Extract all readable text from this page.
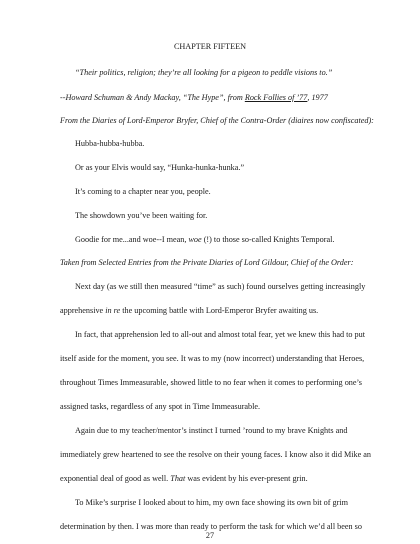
CHAPTER FIFTEEN
“Their politics, religion; they’re all looking for a pigeon to peddle visions to.”
--Howard Schuman & Andy Mackay, “The Hype”, from Rock Follies of ’77, 1977
From the Diaries of Lord-Emperor Bryfer, Chief of the Contra-Order (diaires now confiscated):
Hubba-hubba-hubba.
Or as your Elvis would say, “Hunka-hunka-hunka.”
It’s coming to a chapter near you, people.
The showdown you’ve been waiting for.
Goodie for me...and woe--I mean, woe (!) to those so-called Knights Temporal.
Taken from Selected Entries from the Private Diaries of Lord Gildour, Chief of the Order:
Next day (as we still then measured “time” as such) found ourselves getting increasingly
apprehensive in re the upcoming battle with Lord-Emperor Bryfer awaiting us.
In fact, that apprehension led to all-out and almost total fear, yet we knew this had to put
itself aside for the moment, you see. It was to my (now incorrect) understanding that Heroes,
throughout Times Immeasurable, showed little to no fear when it comes to performing one’s
assigned tasks, regardless of any spot in Time Immeasurable.
Again due to my teacher/mentor’s instinct I turned ’round to my brave Knights and
immediately grew heartened to see the resolve on their young faces. I know also it did Mike an
exponential deal of good as well. That was evident by his ever-present grin.
To Mike’s surprise I looked about to him, my own face showing its own bit of grim
determination by then. I was more than ready to perform the task for which we’d all been so
27
